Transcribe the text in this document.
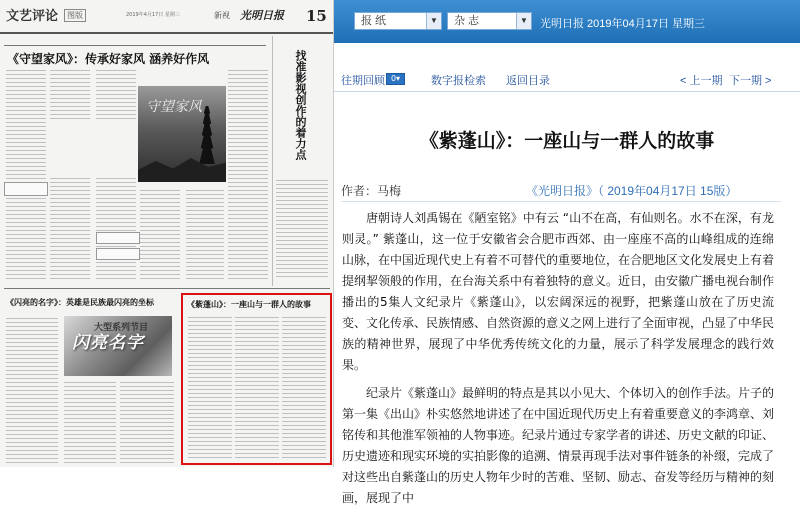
文艺评论	图版	2019年4月17日 星期三	新视 光明日报 15
《守望家风》：传承好家风 涵养好作风	找准影视创作的着力点
守望家风
《闪亮的名字》：英雄是民族最闪亮的坐标
大型系列节目
闪亮名字
《紫蓬山》：一座山与一群人的故事
报 纸	▼	杂 志	▼ 光明日报 2019年04月17日 星期三
往期回顾 0▾	数字报检索 返回目录	< 上一期 下一期 >
《紫蓬山》：一座山与一群人的故事
作者：马梅	《光明日报》（ 2019年04月17日 15版）

唐朝诗人刘禹锡在《陋室铭》中有云 “山不在高，有仙则名。水不在深，有龙则灵。” 紫蓬山，这一位于安徽省会合肥市西郊、由一座座不高的山峰组成的连绵山脉，在中国近现代史上有着不可替代的重要地位，在合肥地区文化发展史上有着提纲挈领般的作用，在台海关系中有着独特的意义。近日，由安徽广播电视台制作播出的5集人文纪录片《紫蓬山》，以宏阔深远的视野，把紫蓬山放在了历史流变、文化传承、民族情感、自然资源的意义之网上进行了全面审视，凸显了中华民族的精神世界，展现了中华优秀传统文化的力量，展示了科学发展理念的践行效果。

纪录片《紫蓬山》最鲜明的特点是其以小见大、个体切入的创作手法。片子的第一集《出山》朴实悠然地讲述了在中国近现代历史上有着重要意义的李鸿章、刘铭传和其他淮军领袖的人物事迹。纪录片通过专家学者的讲述、历史文献的印证、历史遗迹和现实环境的实拍影像的追溯、情景再现手法对事件链条的补缀，完成了对这些出自紫蓬山的历史人物年少时的苦难、坚韧、励志、奋发等经历与精神的刻画，展现了中
